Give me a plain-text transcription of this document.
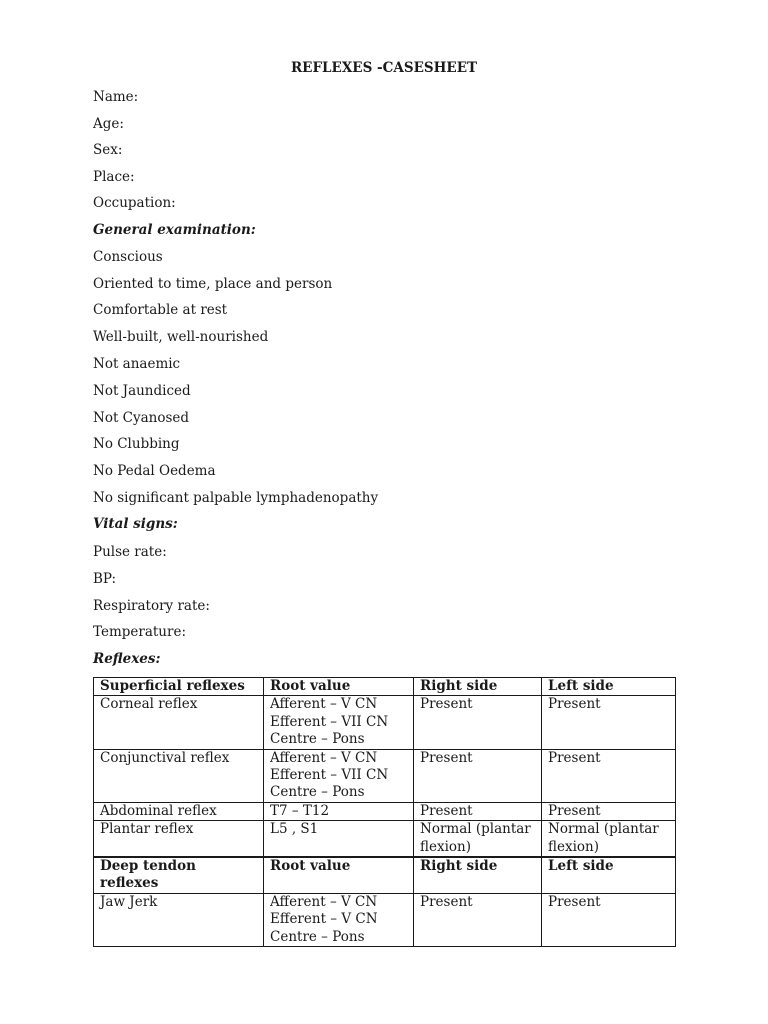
REFLEXES -CASESHEET
Name:
Age:
Sex:
Place:
Occupation:
General examination:
Conscious
Oriented to time, place and person
Comfortable at rest
Well-built, well-nourished
Not anaemic
Not Jaundiced
Not Cyanosed
No Clubbing
No Pedal Oedema
No significant palpable lymphadenopathy
Vital signs:
Pulse rate:
BP:
Respiratory rate:
Temperature:
Reflexes:
Superficial reflexes	Root value	Right side	Left side
Corneal reflex	Afferent – V CN
Efferent – VII CN
Centre – Pons	Present	Present
Conjunctival reflex	Afferent – V CN
Efferent – VII CN
Centre – Pons	Present	Present
Abdominal reflex	T7 – T12	Present	Present
Plantar reflex	L5 , S1	Normal (plantar flexion)	Normal (plantar flexion)
Deep tendon reflexes	Root value	Right side	Left side
Jaw Jerk	Afferent – V CN
Efferent – V CN
Centre – Pons	Present	Present
